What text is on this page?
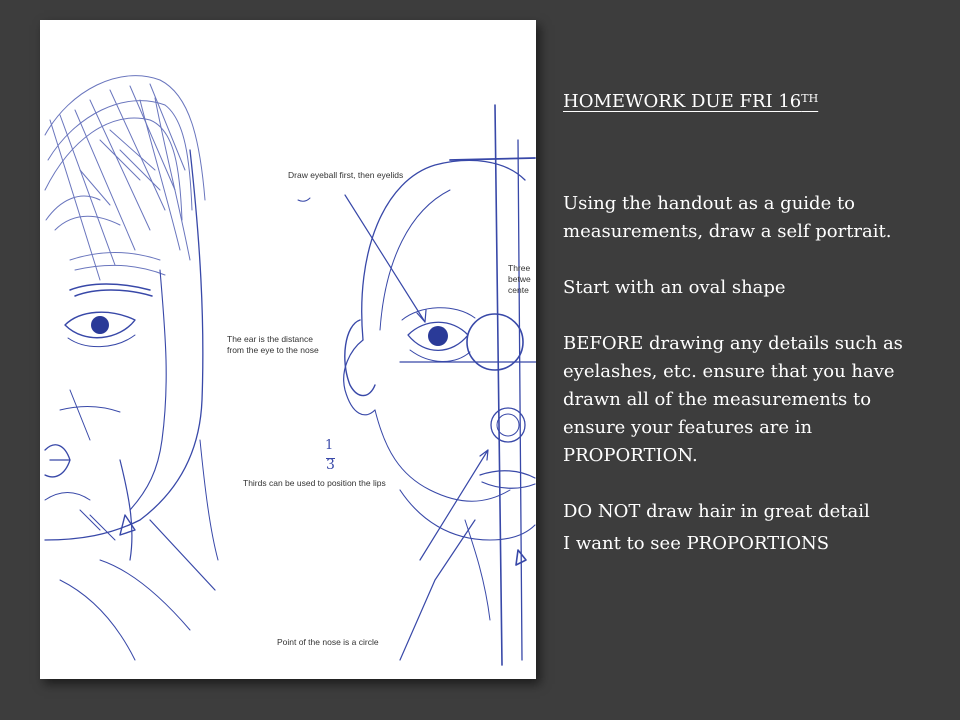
Draw eyeball first, then eyelids
The ear is the distance
from the eye to the nose
1
3
Thirds can be used to position the lips
Point of the nose is a circle
Three
betwe
cente

HOMEWORK DUE FRI 16TH

Using the handout as a guide to measurements, draw a self portrait.

Start with an oval shape

BEFORE drawing any details such as eyelashes, etc. ensure that you have drawn all of the measurements to ensure your features are in PROPORTION.

DO NOT draw hair in great detail

I want to see PROPORTIONS
